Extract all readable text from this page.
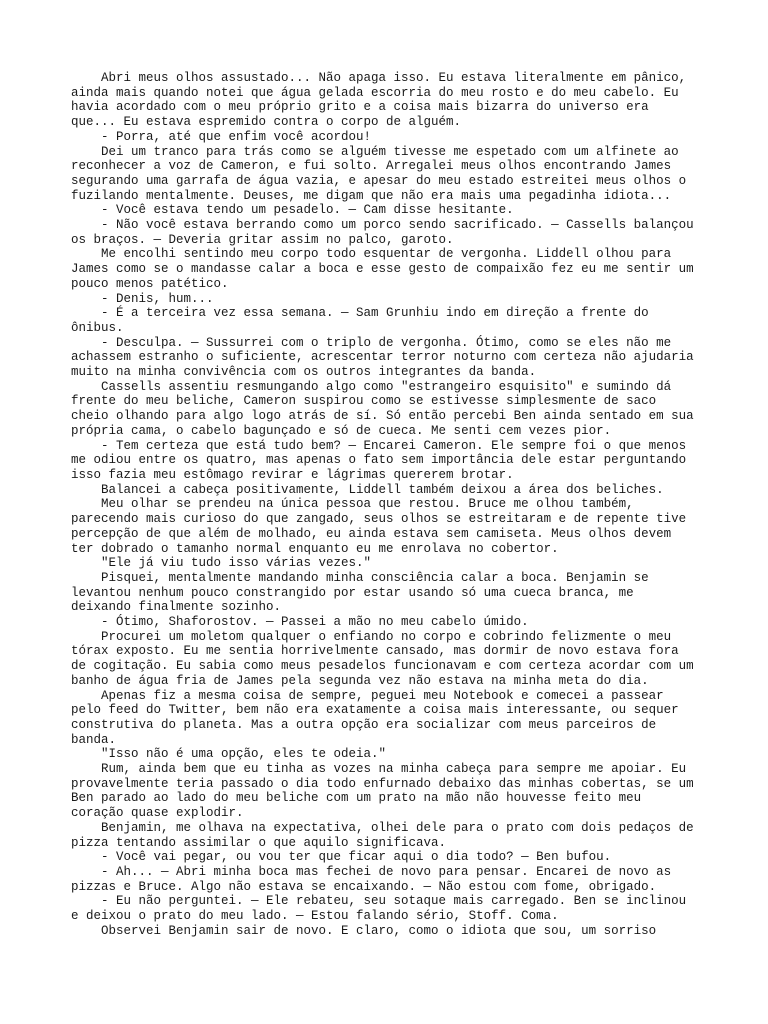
Abri meus olhos assustado... Não apaga isso. Eu estava literalmente em pânico, ainda mais quando notei que água gelada escorria do meu rosto e do meu cabelo. Eu havia acordado com o meu próprio grito e a coisa mais bizarra do universo era que... Eu estava espremido contra o corpo de alguém.

- Porra, até que enfim você acordou!

Dei um tranco para trás como se alguém tivesse me espetado com um alfinete ao reconhecer a voz de Cameron, e fui solto. Arregalei meus olhos encontrando James segurando uma garrafa de água vazia, e apesar do meu estado estreitei meus olhos o fuzilando mentalmente. Deuses, me digam que não era mais uma pegadinha idiota...

- Você estava tendo um pesadelo. — Cam disse hesitante.

- Não você estava berrando como um porco sendo sacrificado. — Cassells balançou os braços. — Deveria gritar assim no palco, garoto.

Me encolhi sentindo meu corpo todo esquentar de vergonha. Liddell olhou para James como se o mandasse calar a boca e esse gesto de compaixão fez eu me sentir um pouco menos patético.

- Denis, hum...

- É a terceira vez essa semana. — Sam Grunhiu indo em direção a frente do ônibus.

- Desculpa. — Sussurrei com o triplo de vergonha. Ótimo, como se eles não me achassem estranho o suficiente, acrescentar terror noturno com certeza não ajudaria muito na minha convivência com os outros integrantes da banda.

Cassells assentiu resmungando algo como "estrangeiro esquisito" e sumindo dá frente do meu beliche, Cameron suspirou como se estivesse simplesmente de saco cheio olhando para algo logo atrás de sí. Só então percebi Ben ainda sentado em sua própria cama, o cabelo bagunçado e só de cueca. Me senti cem vezes pior.

- Tem certeza que está tudo bem? — Encarei Cameron. Ele sempre foi o que menos me odiou entre os quatro, mas apenas o fato sem importância dele estar perguntando isso fazia meu estômago revirar e lágrimas quererem brotar.

Balancei a cabeça positivamente, Liddell também deixou a área dos beliches.

Meu olhar se prendeu na única pessoa que restou. Bruce me olhou também, parecendo mais curioso do que zangado, seus olhos se estreitaram e de repente tive percepção de que além de molhado, eu ainda estava sem camiseta. Meus olhos devem ter dobrado o tamanho normal enquanto eu me enrolava no cobertor.

"Ele já viu tudo isso várias vezes."

Pisquei, mentalmente mandando minha consciência calar a boca. Benjamin se levantou nenhum pouco constrangido por estar usando só uma cueca branca, me deixando finalmente sozinho.

- Ótimo, Shaforostov. — Passei a mão no meu cabelo úmido.

Procurei um moletom qualquer o enfiando no corpo e cobrindo felizmente o meu tórax exposto. Eu me sentia horrivelmente cansado, mas dormir de novo estava fora de cogitação. Eu sabia como meus pesadelos funcionavam e com certeza acordar com um banho de água fria de James pela segunda vez não estava na minha meta do dia.

Apenas fiz a mesma coisa de sempre, peguei meu Notebook e comecei a passear pelo feed do Twitter, bem não era exatamente a coisa mais interessante, ou sequer construtiva do planeta. Mas a outra opção era socializar com meus parceiros de banda.

"Isso não é uma opção, eles te odeia."

Rum, ainda bem que eu tinha as vozes na minha cabeça para sempre me apoiar. Eu provavelmente teria passado o dia todo enfurnado debaixo das minhas cobertas, se um Ben parado ao lado do meu beliche com um prato na mão não houvesse feito meu coração quase explodir.

Benjamin, me olhava na expectativa, olhei dele para o prato com dois pedaços de pizza tentando assimilar o que aquilo significava.

- Você vai pegar, ou vou ter que ficar aqui o dia todo? — Ben bufou.

- Ah... — Abri minha boca mas fechei de novo para pensar. Encarei de novo as pizzas e Bruce. Algo não estava se encaixando. — Não estou com fome, obrigado.

- Eu não perguntei. — Ele rebateu, seu sotaque mais carregado. Ben se inclinou e deixou o prato do meu lado. — Estou falando sério, Stoff. Coma.

Observei Benjamin sair de novo. E claro, como o idiota que sou, um sorriso
